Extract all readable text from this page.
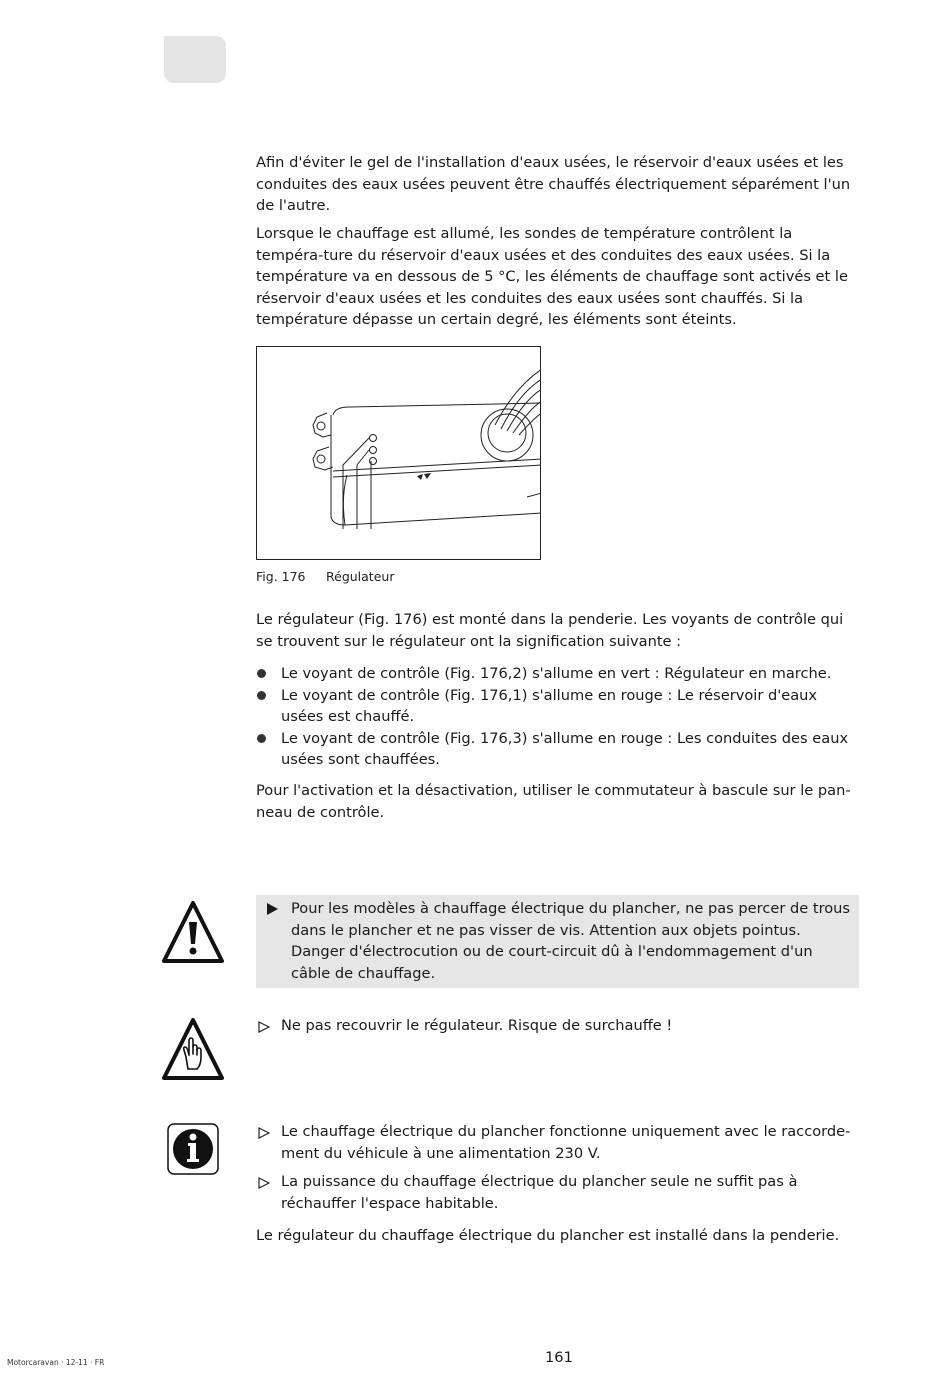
Afin d'éviter le gel de l'installation d'eaux usées, le réservoir d'eaux usées et les conduites des eaux usées peuvent être chauffés électriquement séparément l'un de l'autre.

Lorsque le chauffage est allumé, les sondes de température contrôlent la tempéra-ture du réservoir d'eaux usées et des conduites des eaux usées. Si la température va en dessous de 5 °C, les éléments de chauffage sont activés et le réservoir d'eaux usées et les conduites des eaux usées sont chauffés. Si la température dépasse un certain degré, les éléments sont éteints.

Fig. 176 Régulateur

Le régulateur (Fig. 176) est monté dans la penderie. Les voyants de contrôle qui se trouvent sur le régulateur ont la signification suivante :

Le voyant de contrôle (Fig. 176,2) s'allume en vert : Régulateur en marche.
Le voyant de contrôle (Fig. 176,1) s'allume en rouge : Le réservoir d'eaux usées est chauffé.
Le voyant de contrôle (Fig. 176,3) s'allume en rouge : Les conduites des eaux usées sont chauffées.

Pour l'activation et la désactivation, utiliser le commutateur à bascule sur le pan-neau de contrôle.

Pour les modèles à chauffage électrique du plancher, ne pas percer de trous dans le plancher et ne pas visser de vis. Attention aux objets pointus. Danger d'électrocution ou de court-circuit dû à l'endommagement d'un câble de chauffage.
Ne pas recouvrir le régulateur. Risque de surchauffe !
Le chauffage électrique du plancher fonctionne uniquement avec le raccorde-ment du véhicule à une alimentation 230 V.
La puissance du chauffage électrique du plancher seule ne suffit pas à réchauffer l'espace habitable.

Le régulateur du chauffage électrique du plancher est installé dans la penderie.

161
Motorcaravan · 12-11 · FR
